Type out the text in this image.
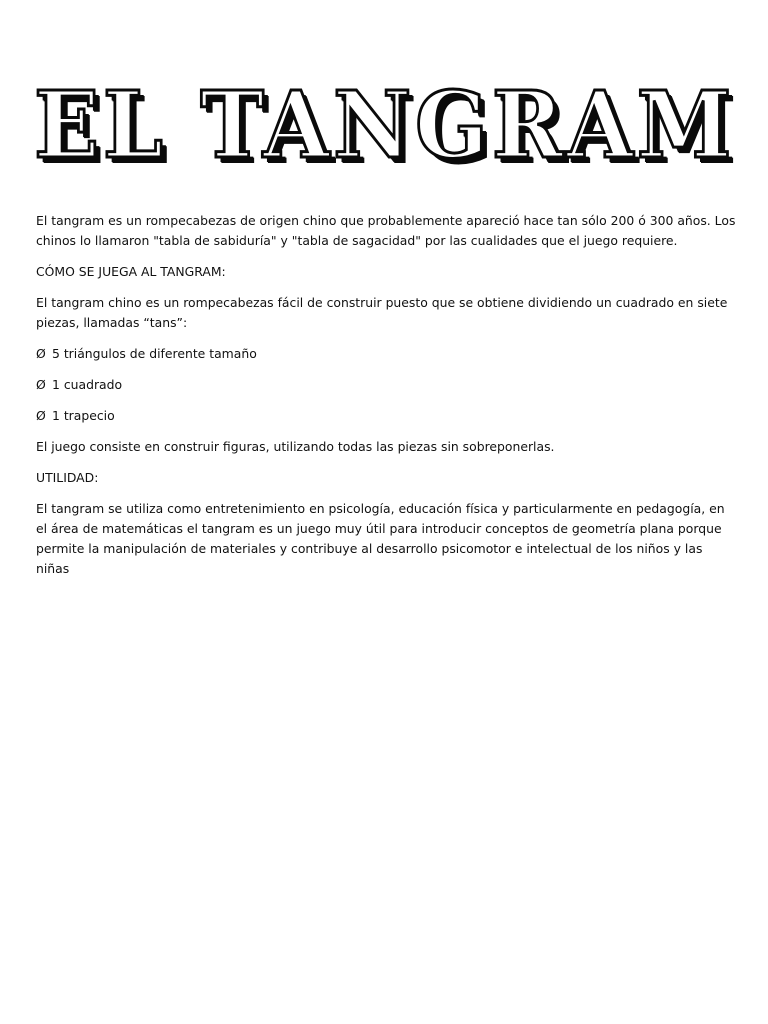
EL TANGRAM

El tangram es un rompecabezas de origen chino que probablemente apareció hace tan sólo 200 ó 300 años. Los chinos lo llamaron "tabla de sabiduría" y "tabla de sagacidad" por las cualidades que el juego requiere.

CÓMO SE JUEGA AL TANGRAM:

El tangram chino es un rompecabezas fácil de construir puesto que se obtiene dividiendo un cuadrado en siete piezas, llamadas “tans”:

Ø 5 triángulos de diferente tamaño
Ø 1 cuadrado
Ø 1 trapecio

El juego consiste en construir figuras, utilizando todas las piezas sin sobreponerlas.

UTILIDAD:

El tangram se utiliza como entretenimiento en psicología, educación física y particularmente en pedagogía, en el área de matemáticas el tangram es un juego muy útil para introducir conceptos de geometría plana porque permite la manipulación de materiales y contribuye al desarrollo psicomotor e intelectual de los niños y las niñas
